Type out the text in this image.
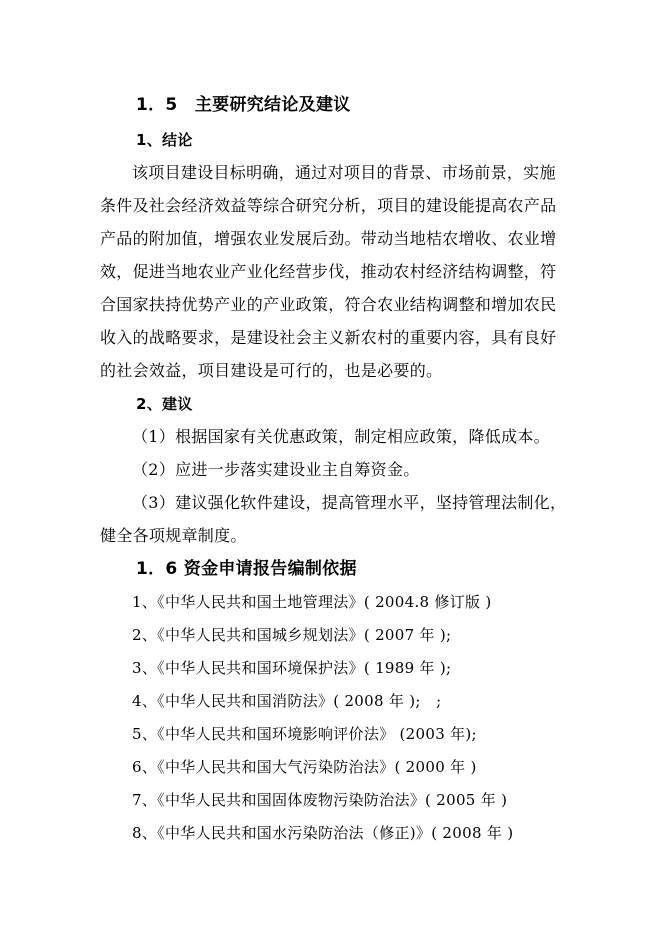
1．5　主要研究结论及建议
1、结论
该项目建设目标明确，通过对项目的背景、市场前景，实施
条件及社会经济效益等综合研究分析，项目的建设能提高农产品
产品的附加值，增强农业发展后劲。带动当地桔农增收、农业增
效，促进当地农业产业化经营步伐，推动农村经济结构调整，符
合国家扶持优势产业的产业政策，符合农业结构调整和增加农民
收入的战略要求，是建设社会主义新农村的重要内容，具有良好
的社会效益，项目建设是可行的，也是必要的。
2、建议
（1）根据国家有关优惠政策，制定相应政策，降低成本。
（2）应进一步落实建设业主自筹资金。
（3）建议强化软件建设，提高管理水平，坚持管理法制化，
健全各项规章制度。
1．6 资金申请报告编制依据
1、《中华人民共和国土地管理法》( 2004.8 修订版 )
2、《中华人民共和国城乡规划法》( 2007 年 );
3、《中华人民共和国环境保护法》( 1989 年 );
4、《中华人民共和国消防法》( 2008 年 );　;
5、《中华人民共和国环境影响评价法》 (2003 年);
6、《中华人民共和国大气污染防治法》( 2000 年 )
7、《中华人民共和国固体废物污染防治法》( 2005 年 )
8、《中华人民共和国水污染防治法（修正)》( 2008 年 )
